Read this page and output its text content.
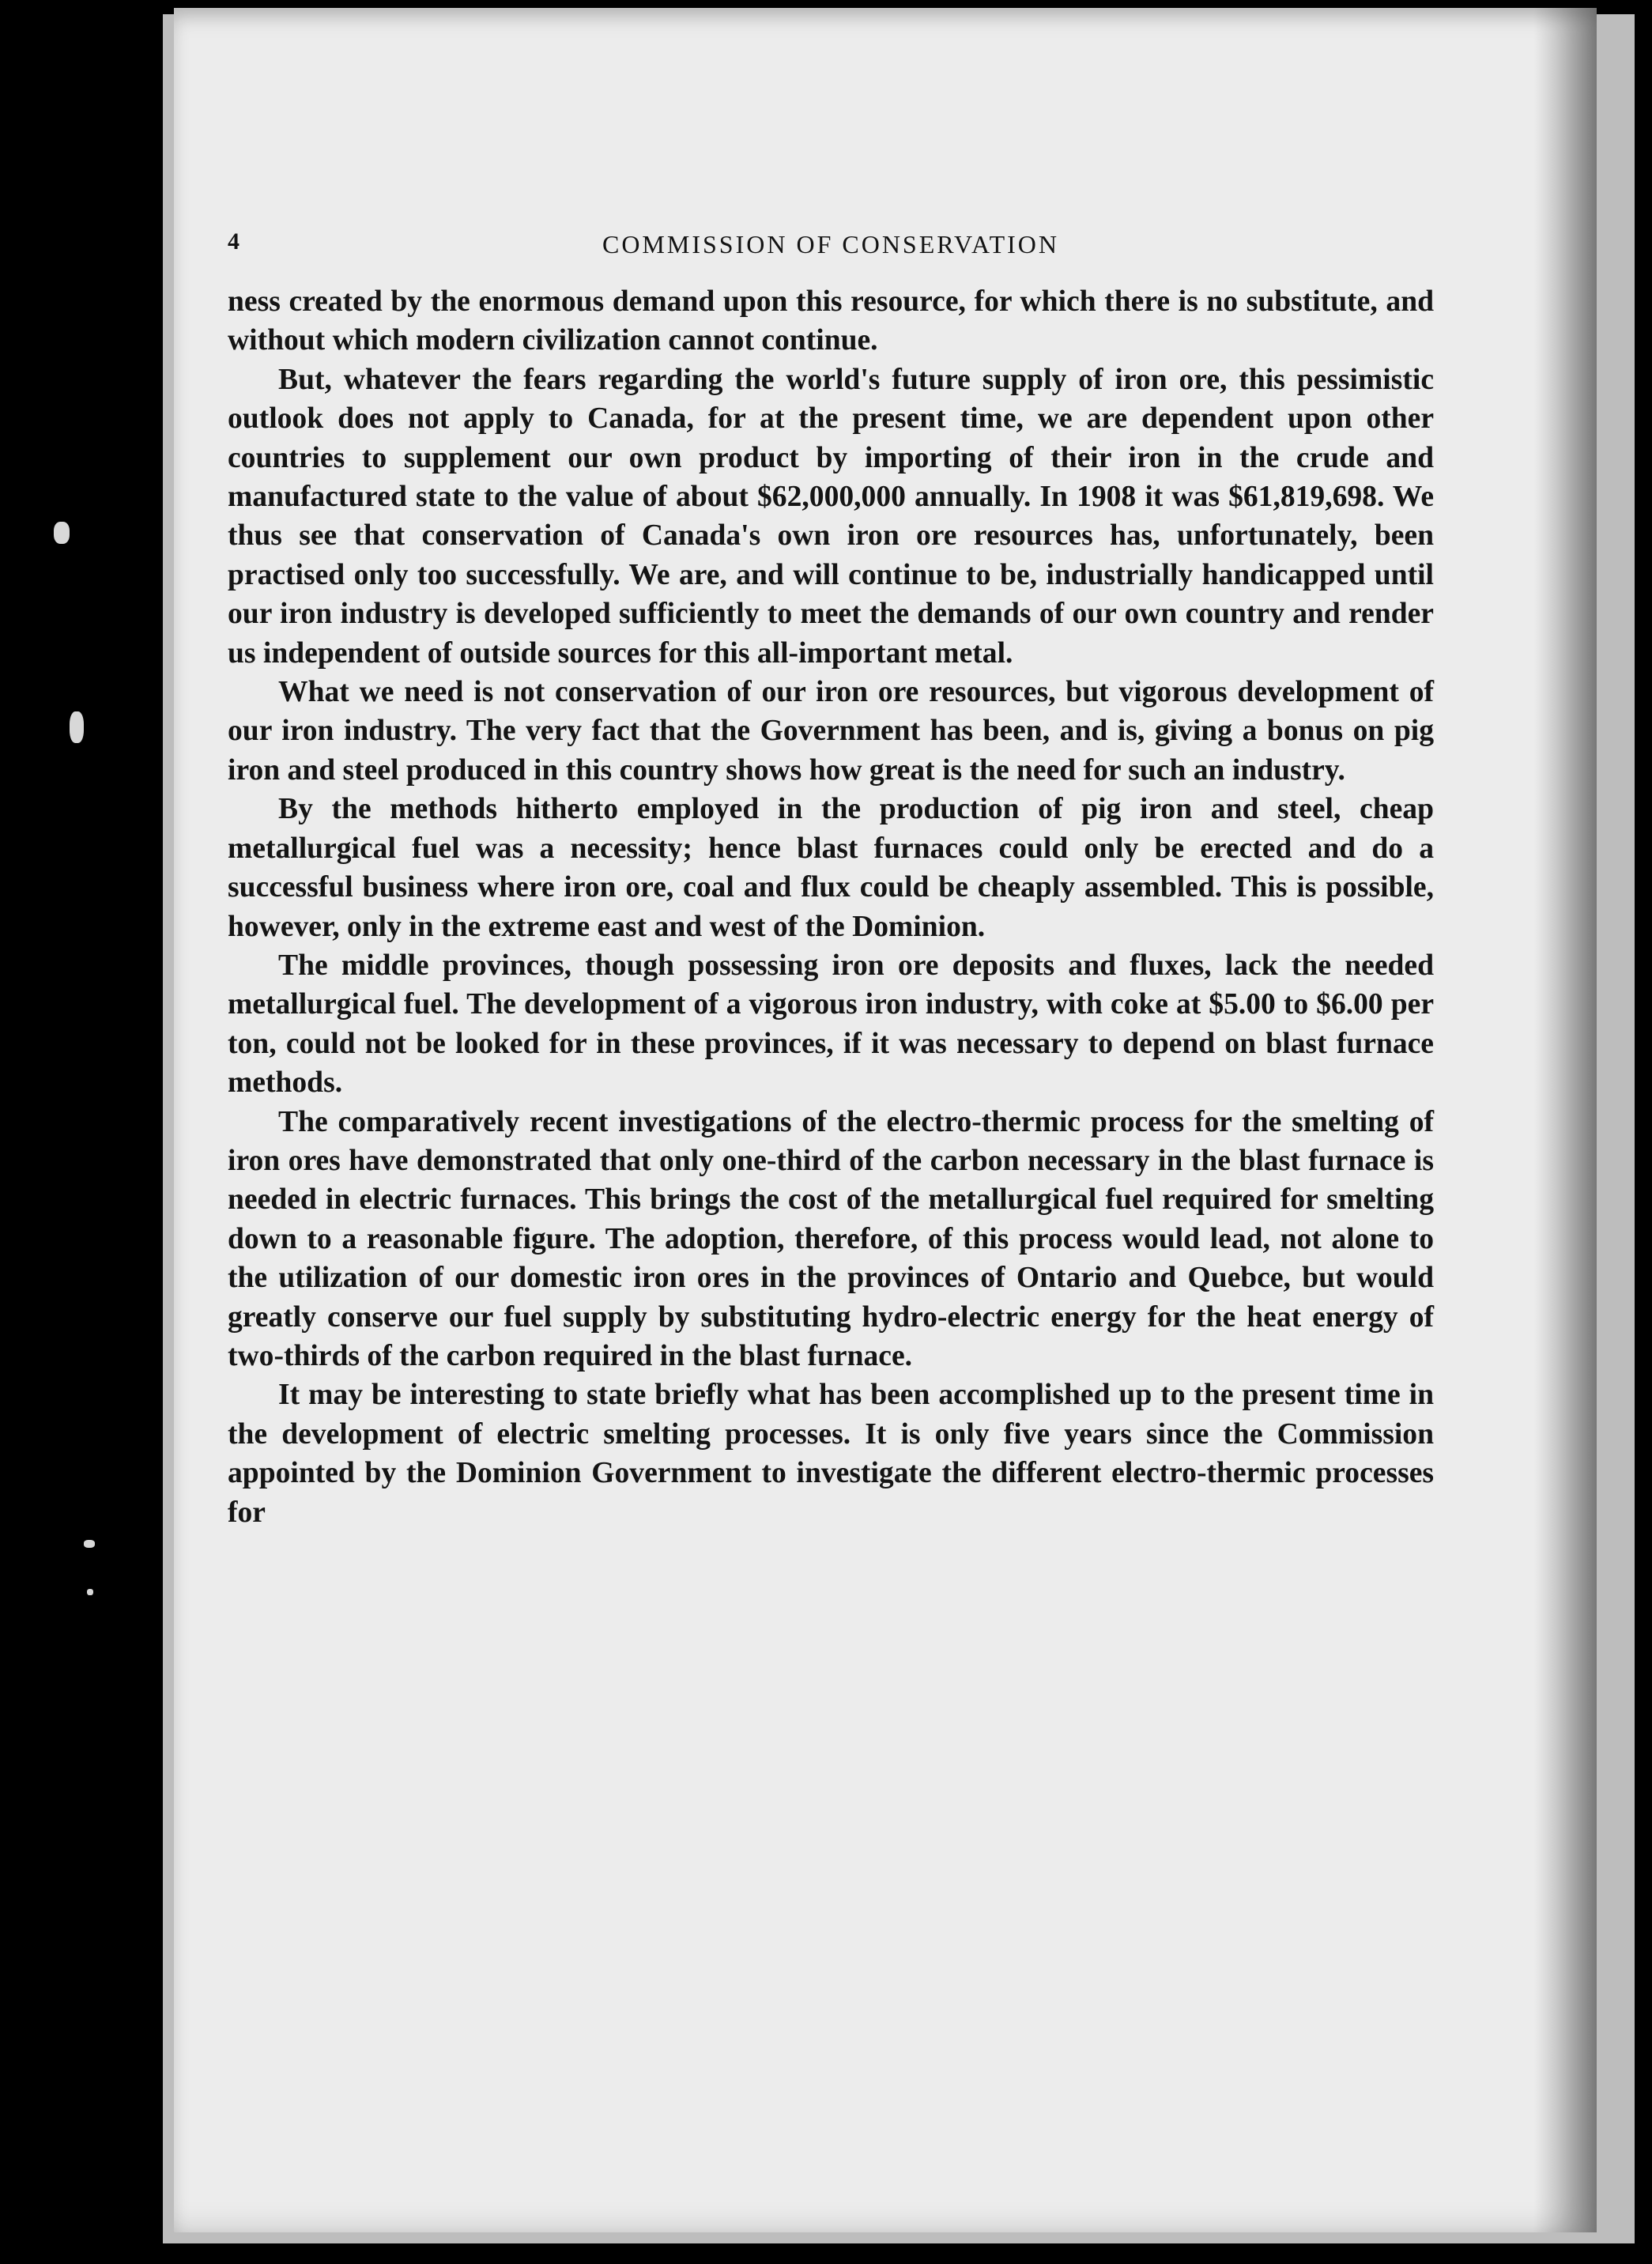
4	COMMISSION OF CONSERVATION

ness created by the enormous demand upon this resource, for which there is no substitute, and without which modern civilization cannot continue.

But, whatever the fears regarding the world's future supply of iron ore, this pessimistic outlook does not apply to Canada, for at the present time, we are dependent upon other countries to supplement our own product by importing of their iron in the crude and manufactured state to the value of about $62,000,000 annually. In 1908 it was $61,819,698. We thus see that conservation of Canada's own iron ore resources has, unfortunately, been practised only too successfully. We are, and will continue to be, industrially handicapped until our iron industry is developed sufficiently to meet the demands of our own country and render us independent of outside sources for this all-important metal.

What we need is not conservation of our iron ore resources, but vigorous development of our iron industry. The very fact that the Government has been, and is, giving a bonus on pig iron and steel produced in this country shows how great is the need for such an industry.

By the methods hitherto employed in the production of pig iron and steel, cheap metallurgical fuel was a necessity; hence blast furnaces could only be erected and do a successful business where iron ore, coal and flux could be cheaply assembled. This is possible, however, only in the extreme east and west of the Dominion.

The middle provinces, though possessing iron ore deposits and fluxes, lack the needed metallurgical fuel. The development of a vigorous iron industry, with coke at $5.00 to $6.00 per ton, could not be looked for in these provinces, if it was necessary to depend on blast furnace methods.

The comparatively recent investigations of the electro-thermic process for the smelting of iron ores have demonstrated that only one-third of the carbon necessary in the blast furnace is needed in electric furnaces. This brings the cost of the metallurgical fuel required for smelting down to a reasonable figure. The adoption, therefore, of this process would lead, not alone to the utilization of our domestic iron ores in the provinces of Ontario and Quebce, but would greatly conserve our fuel supply by substituting hydro-electric energy for the heat energy of two-thirds of the carbon required in the blast furnace.

It may be interesting to state briefly what has been accomplished up to the present time in the development of electric smelting processes. It is only five years since the Commission appointed by the Dominion Government to investigate the different electro-thermic processes for
